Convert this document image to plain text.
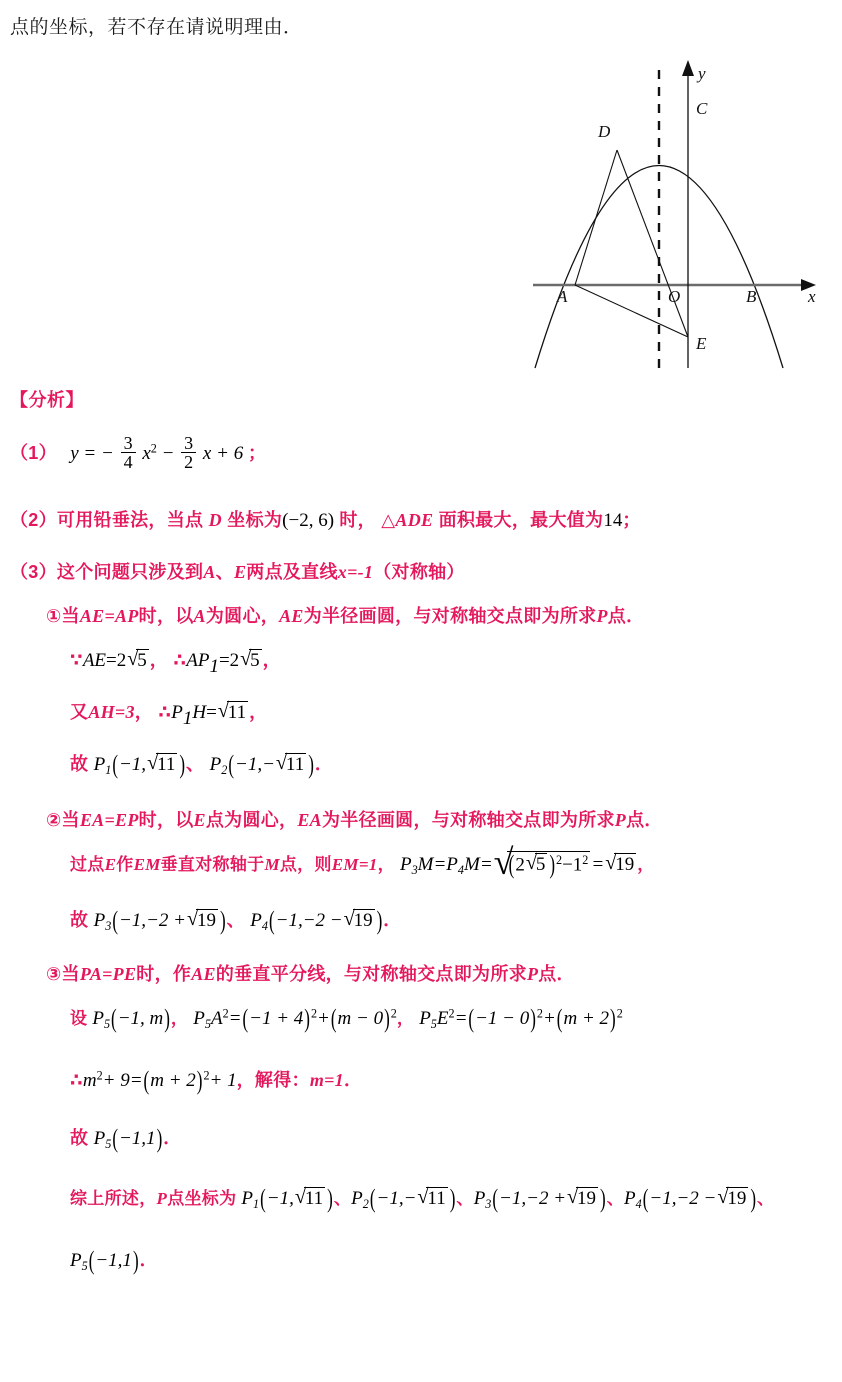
点的坐标，若不存在请说明理由．
A	B
C
D
E
O	x
y
【分析】
（1） y = − $\frac{3}{4} x^2 - \frac{3}{2}$ x + 6 ；
（2）可用铅垂法，当点 D 坐标为(−2, 6) 时， △ADE 面积最大，最大值为14；
（3）这个问题只涉及到A、E两点及直线x=-1（对称轴）
①当AE=AP时，以A为圆心，AE为半径画圆，与对称轴交点即为所求P点．
∵AE=2 √ 5 ， $\therefore AP_1=2$ √ 5 ，
又AH=3， $\therefore P_1H=$ √ 11 ，
故 $P_1(-1$, √ 11 )、 $P_2(-1,-$ √ 11 )．
②当EA=EP时，以E点为圆心，EA为半径画圆，与对称轴交点即为所求P点．
过点E作EM垂直对称轴于M点，则EM=1， $P_3M=P_4M=$ √ (2 √ 5 )$^2-1^2$ = √ 19 ，
故 $P_3(-1,-2$ + √ 19 )、 $P_4(-1,-2$ − √ 19 )．
③当PA=PE时，作AE的垂直平分线，与对称轴交点即为所求P点．
设 $P_5(-1$, m)， $P_5A^2=(-1 + 4)^2+(m - 0)^2$， $P_5E^2=(-1 - 0)^2+(m + 2)^2$
$\therefore m^2+ 9=(m + 2)^2+ 1$，解得：m=1．
故 $P_5(-1,1)$．
综上所述，P点坐标为 $P_1(-1$, √ 11 )、$P_2(-1,-$ √ 11 )、$P_3(-1,-2$ + √ 19 )、$P_4(-1,-2$ − √ 19 )、
$P_5(-1,1)$．
